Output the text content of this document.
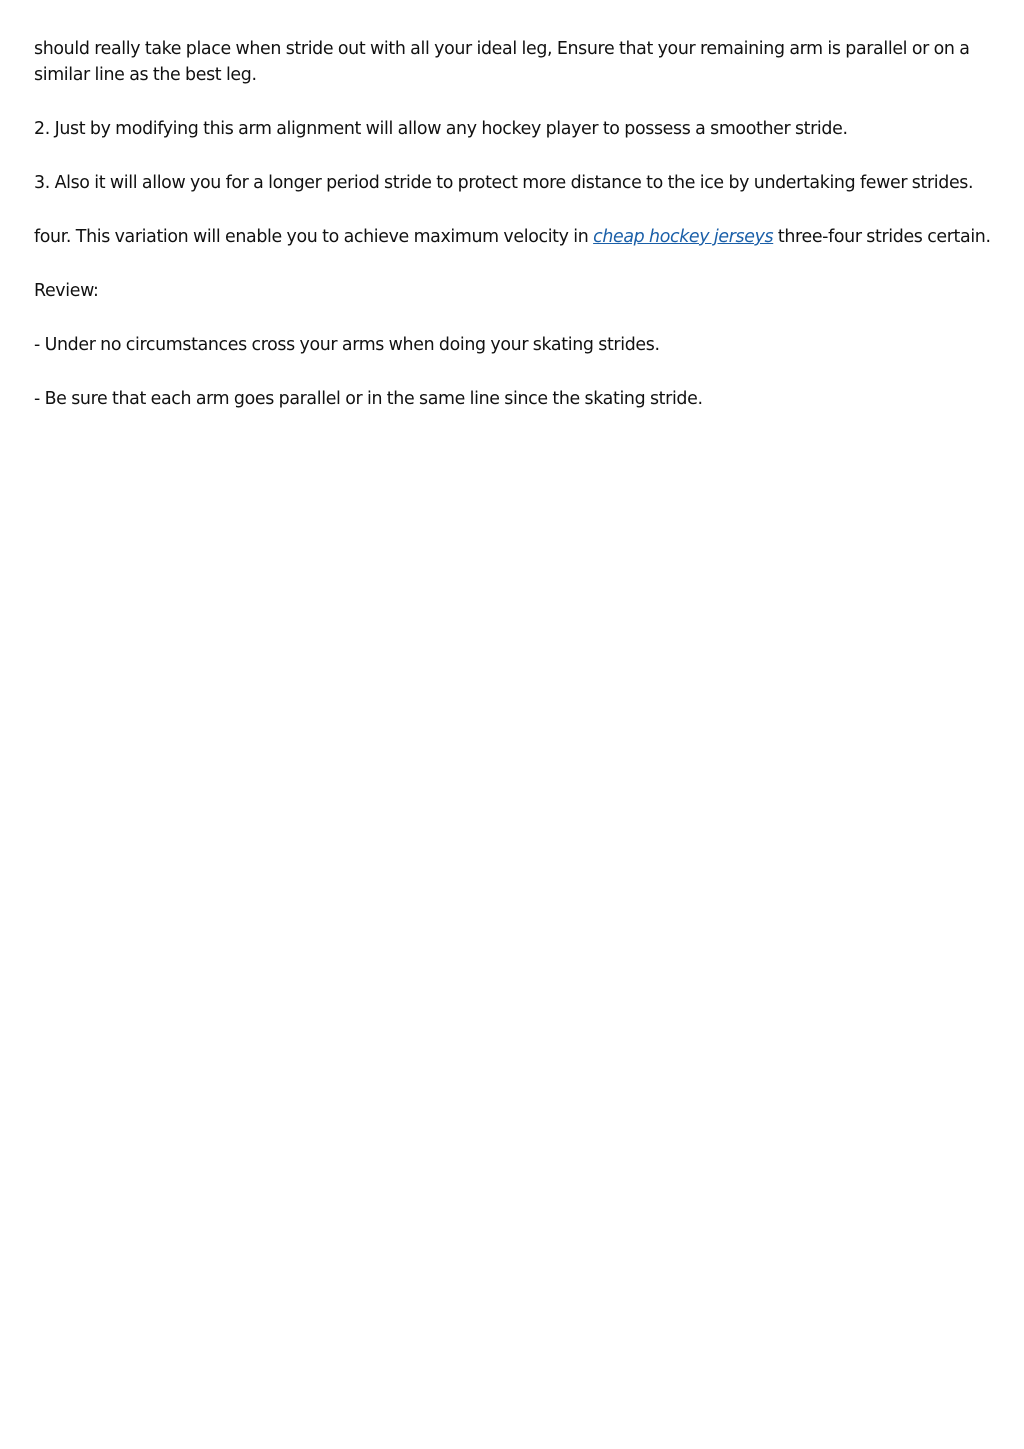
should really take place when stride out with all your ideal leg, Ensure that your remaining arm is parallel or on a similar line as the best leg.

2. Just by modifying this arm alignment will allow any hockey player to possess a smoother stride.

3. Also it will allow you for a longer period stride to protect more distance to the ice by undertaking fewer strides.

four. This variation will enable you to achieve maximum velocity in cheap hockey jerseys three-four strides certain.

Review:

- Under no circumstances cross your arms when doing your skating strides.

- Be sure that each arm goes parallel or in the same line since the skating stride.
